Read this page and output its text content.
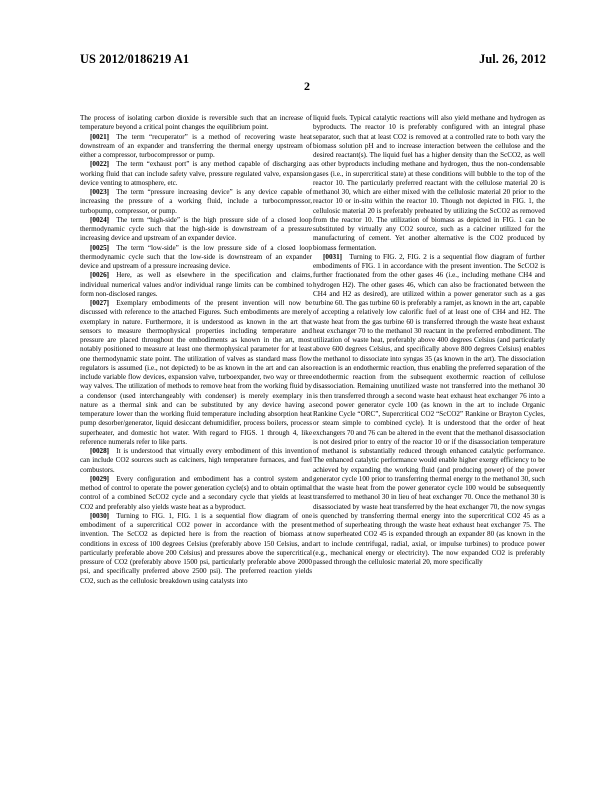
US 2012/0186219 A1	Jul. 26, 2012
2

The process of isolating carbon dioxide is reversible such that an increase of temperature beyond a critical point changes the equilibrium point.

[0021]  The term “recuperator” is a method of recovering waste heat downstream of an expander and transferring the thermal energy upstream of either a compressor, turbocompressor or pump.

[0022]  The term “exhaust port” is any method capable of discharging a working fluid that can include safety valve, pressure regulated valve, expansion device venting to atmosphere, etc.

[0023]  The term “pressure increasing device” is any device capable of increasing the pressure of a working fluid, include a turbocompressor, turbopump, compressor, or pump.

[0024]  The term “high-side” is the high pressure side of a closed loop thermodynamic cycle such that the high-side is downstream of a pressure increasing device and upstream of an expander device.

[0025]  The term “low-side” is the low pressure side of a closed loop thermodynamic cycle such that the low-side is downstream of an expander device and upstream of a pressure increasing device.

[0026]  Here, as well as elsewhere in the specification and claims, individual numerical values and/or individual range limits can be combined to form non-disclosed ranges.

[0027]  Exemplary embodiments of the present invention will now be discussed with reference to the attached Figures. Such embodiments are merely exemplary in nature. Furthermore, it is understood as known in the art that sensors to measure thermophysical properties including temperature and pressure are placed throughout the embodiments as known in the art, most notably positioned to measure at least one thermophysical parameter for at least one thermodynamic state point. The utilization of valves as standard mass flow regulators is assumed (i.e., not depicted) to be as known in the art and can also include variable flow devices, expansion valve, turboexpander, two way or three way valves. The utilization of methods to remove heat from the working fluid by a condensor (used interchangeably with condenser) is merely exemplary in nature as a thermal sink and can be substituted by any device having a temperature lower than the working fluid temperature including absorption heat pump desorber/generator, liquid desiccant dehumidifier, process boilers, process superheater, and domestic hot water. With regard to FIGS. 1 through 4, like reference numerals refer to like parts.

[0028]  It is understood that virtually every embodiment of this invention can include CO2 sources such as calciners, high temperature furnaces, and fuel combustors.

[0029]  Every configuration and embodiment has a control system and method of control to operate the power generation cycle(s) and to obtain optimal control of a combined ScCO2 cycle and a secondary cycle that yields at least CO2 and preferably also yields waste heat as a byproduct.

[0030]  Turning to FIG. 1, FIG. 1 is a sequential flow diagram of one embodiment of a supercritical CO2 power in accordance with the present invention. The ScCO2 as depicted here is from the reaction of biomass at conditions in excess of 100 degrees Celsius (preferably above 150 Celsius, and particularly preferable above 200 Celsius) and pressures above the supercritical pressure of CO2 (preferably above 1500 psi, particularly preferable above 2000 psi, and specifically preferred above 2500 psi). The preferred reaction yields CO2, such as the cellulosic breakdown using catalysts into

liquid fuels. Typical catalytic reactions will also yield methane and hydrogen as byproducts. The reactor 10 is preferably configured with an integral phase separator, such that at least CO2 is removed at a controlled rate to both vary the biomass solution pH and to increase interaction between the cellulose and the desired reactant(s). The liquid fuel has a higher density than the ScCO2, as well as other byproducts including methane and hydrogen, thus the non-condensable gases (i.e., in supercritical state) at these conditions will bubble to the top of the reactor 10. The particularly preferred reactant with the cellulose material 20 is methanol 30, which are either mixed with the cellulosic material 20 prior to the reactor 10 or in-situ within the reactor 10. Though not depicted in FIG. 1, the cellulosic material 20 is preferably preheated by utilizing the ScCO2 as removed from the reactor 10. The utilization of biomass as depicted in FIG. 1 can be substituted by virtually any CO2 source, such as a calciner utilized for the manufacturing of cement. Yet another alternative is the CO2 produced by biomass fermentation.

[0031]  Turning to FIG. 2, FIG. 2 is a sequential flow diagram of further embodiments of FIG. 1 in accordance with the present invention. The ScCO2 is further fractionated from the other gases 46 (i.e., including methane CH4 and hydrogen H2). The other gases 46, which can also be fractionated between the CH4 and H2 as desired), are utilized within a power generator such as a gas turbine 60. The gas turbine 60 is preferably a ramjet, as known in the art, capable of accepting a relatively low calorific fuel of at least one of CH4 and H2. The waste heat from the gas turbine 60 is transferred through the waste heat exhaust heat exchanger 70 to the methanol 30 reactant in the preferred embodiment. The utilization of waste heat, preferably above 400 degrees Celsius (and particularly above 600 degrees Celsius, and specifically above 800 degrees Celsius) enables the methanol to dissociate into syngas 35 (as known in the art). The dissociation reaction is an endothermic reaction, thus enabling the preferred separation of the endothermic reaction from the subsequent exothermic reaction of cellulose disassociation. Remaining unutilized waste not transferred into the methanol 30 is then transferred through a second waste heat exhaust heat exchanger 76 into a second power generator cycle 100 (as known in the art to include Organic Rankine Cycle “ORC”, Supercritical CO2 “ScCO2” Rankine or Brayton Cycles, or steam simple to combined cycle). It is understood that the order of heat exchangers 70 and 76 can be altered in the event that the methanol disassociation is not desired prior to entry of the reactor 10 or if the disassociation temperature of methanol is substantially reduced through enhanced catalytic performance. The enhanced catalytic performance would enable higher exergy efficiency to be achieved by expanding the working fluid (and producing power) of the power generator cycle 100 prior to transferring thermal energy to the methanol 30, such that the waste heat from the power generator cycle 100 would be subsequently transferred to methanol 30 in lieu of heat exchanger 70. Once the methanol 30 is disassociated by waste heat transferred by the heat exchanger 70, the now syngas is quenched by transferring thermal energy into the supercritical CO2 45 as a method of superheating through the waste heat exhaust heat exchanger 75. The now superheated CO2 45 is expanded through an expander 80 (as known in the art to include centrifugal, radial, axial, or impulse turbines) to produce power (e.g., mechanical energy or electricity). The now expanded CO2 is preferably passed through the cellulosic material 20, more specifically
